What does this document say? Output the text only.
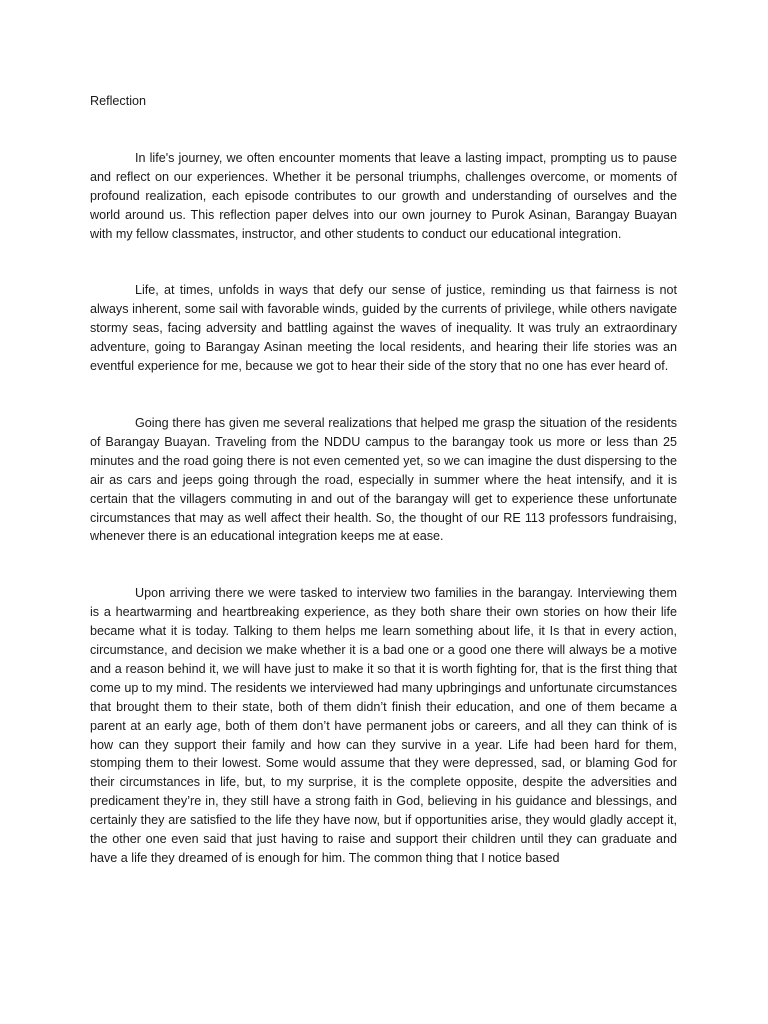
Reflection

In life's journey, we often encounter moments that leave a lasting impact, prompting us to pause and reflect on our experiences. Whether it be personal triumphs, challenges overcome, or moments of profound realization, each episode contributes to our growth and understanding of ourselves and the world around us. This reflection paper delves into our own journey to Purok Asinan, Barangay Buayan with my fellow classmates, instructor, and other students to conduct our educational integration.

Life, at times, unfolds in ways that defy our sense of justice, reminding us that fairness is not always inherent, some sail with favorable winds, guided by the currents of privilege, while others navigate stormy seas, facing adversity and battling against the waves of inequality. It was truly an extraordinary adventure, going to Barangay Asinan meeting the local residents, and hearing their life stories was an eventful experience for me, because we got to hear their side of the story that no one has ever heard of.

Going there has given me several realizations that helped me grasp the situation of the residents of Barangay Buayan. Traveling from the NDDU campus to the barangay took us more or less than 25 minutes and the road going there is not even cemented yet, so we can imagine the dust dispersing to the air as cars and jeeps going through the road, especially in summer where the heat intensify, and it is certain that the villagers commuting in and out of the barangay will get to experience these unfortunate circumstances that may as well affect their health. So, the thought of our RE 113 professors fundraising, whenever there is an educational integration keeps me at ease.

Upon arriving there we were tasked to interview two families in the barangay. Interviewing them is a heartwarming and heartbreaking experience, as they both share their own stories on how their life became what it is today. Talking to them helps me learn something about life, it Is that in every action, circumstance, and decision we make whether it is a bad one or a good one there will always be a motive and a reason behind it, we will have just to make it so that it is worth fighting for, that is the first thing that come up to my mind. The residents we interviewed had many upbringings and unfortunate circumstances that brought them to their state, both of them didn’t finish their education, and one of them became a parent at an early age, both of them don’t have permanent jobs or careers, and all they can think of is how can they support their family and how can they survive in a year. Life had been hard for them, stomping them to their lowest. Some would assume that they were depressed, sad, or blaming God for their circumstances in life, but, to my surprise, it is the complete opposite, despite the adversities and predicament they’re in, they still have a strong faith in God, believing in his guidance and blessings, and certainly they are satisfied to the life they have now, but if opportunities arise, they would gladly accept it, the other one even said that just having to raise and support their children until they can graduate and have a life they dreamed of is enough for him. The common thing that I notice based
